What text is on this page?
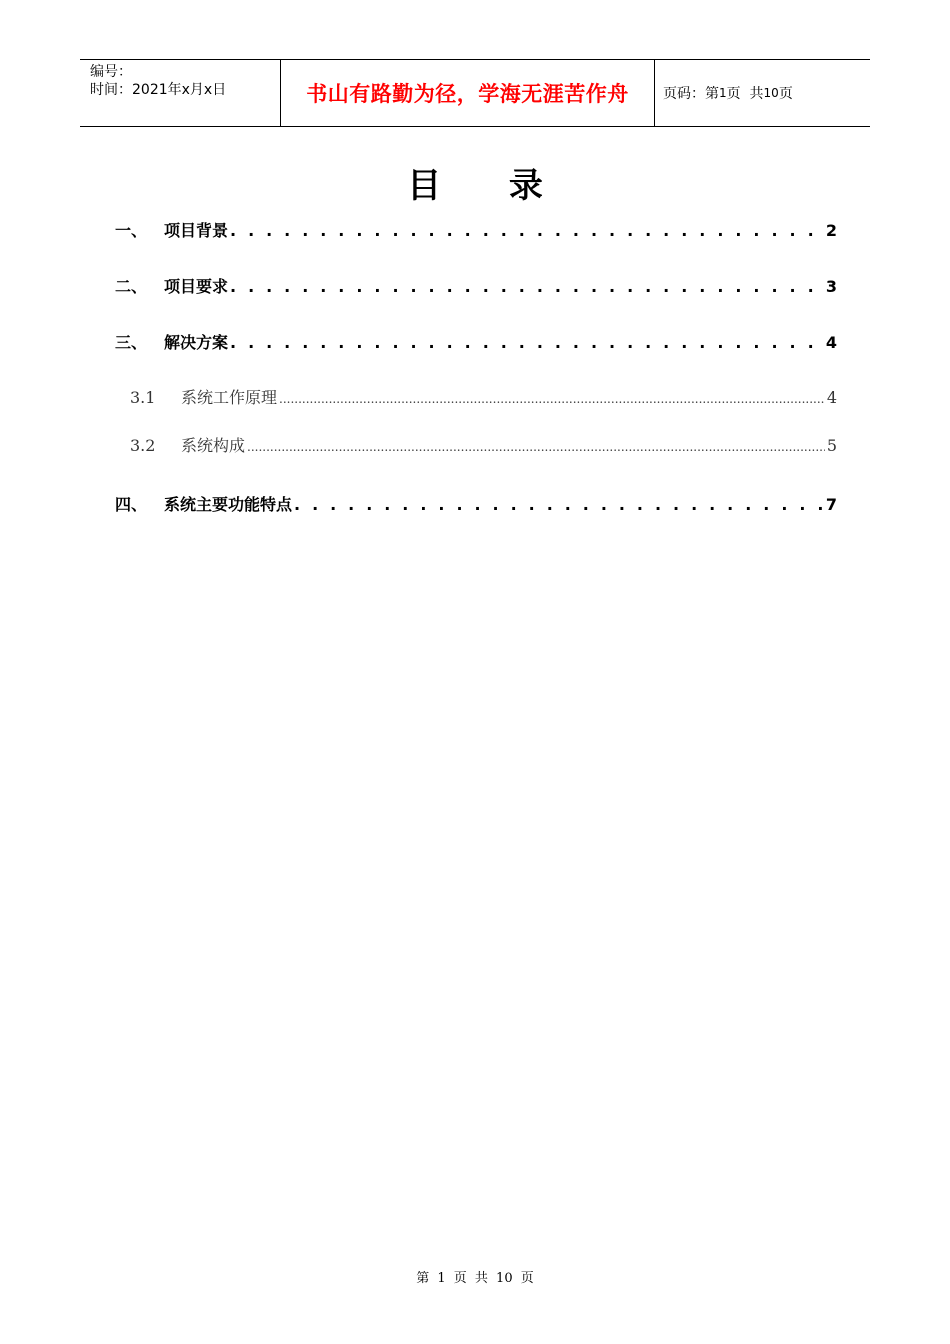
编号：
时间：2021年x月x日	书山有路勤为径，学海无涯苦作舟 页码：第 1 页  共 10 页
目 录
一、	项目背景 . . .	2
二、	项目要求 . . .	3
三、	解决方案 . . .	4
3.1	系统工作原理 .....	4
3.2	系统构成 .....	5
四、	系统主要功能特点 . . .	7
第 1 页 共 10 页
